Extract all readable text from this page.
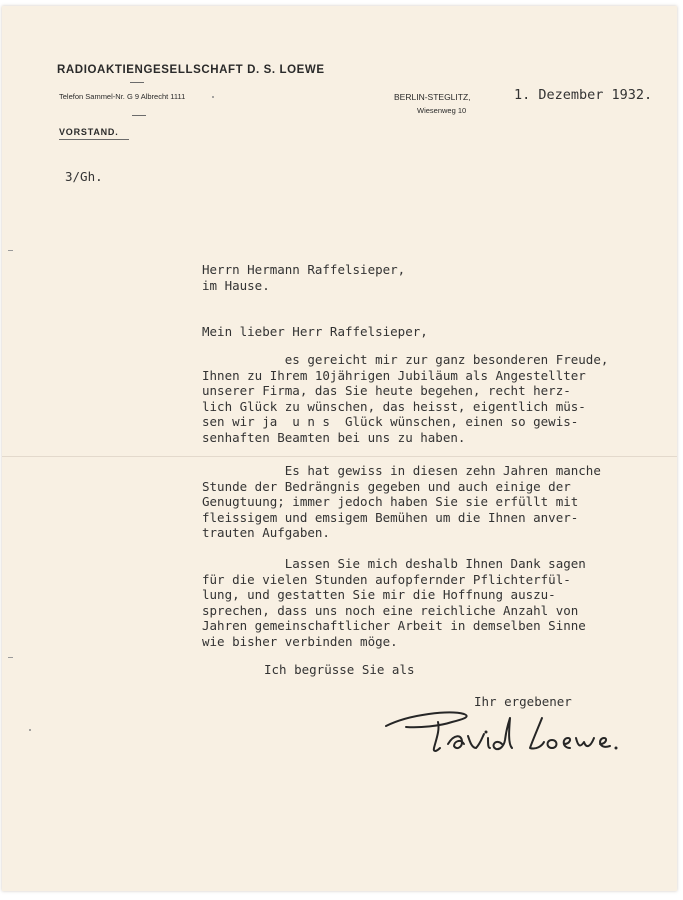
RADIOAKTIENGESELLSCHAFT D. S. LOEWE
Telefon Sammel-Nr. G 9 Albrecht 1111	BERLIN-STEGLITZ,	1. Dezember 1932.
Wiesenweg 10
VORSTAND.
3/Gh.
Herrn Hermann Raffelsieper,
im Hause.
Mein lieber Herr Raffelsieper,
es gereicht mir zur ganz besonderen Freude,
Ihnen zu Ihrem 10jährigen Jubiläum als Angestellter
unserer Firma, das Sie heute begehen, recht herz-
lich Glück zu wünschen, das heisst, eigentlich müs-
sen wir ja  u n s  Glück wünschen, einen so gewis-
senhaften Beamten bei uns zu haben.
Es hat gewiss in diesen zehn Jahren manche
Stunde der Bedrängnis gegeben und auch einige der
Genugtuung; immer jedoch haben Sie sie erfüllt mit
fleissigem und emsigem Bemühen um die Ihnen anver-
trauten Aufgaben.
Lassen Sie mich deshalb Ihnen Dank sagen
für die vielen Stunden aufopfernder Pflichterfül-
lung, und gestatten Sie mir die Hoffnung auszu-
sprechen, dass uns noch eine reichliche Anzahl von
Jahren gemeinschaftlicher Arbeit in demselben Sinne
wie bisher verbinden möge.
Ich begrüsse Sie als
Ihr ergebener
